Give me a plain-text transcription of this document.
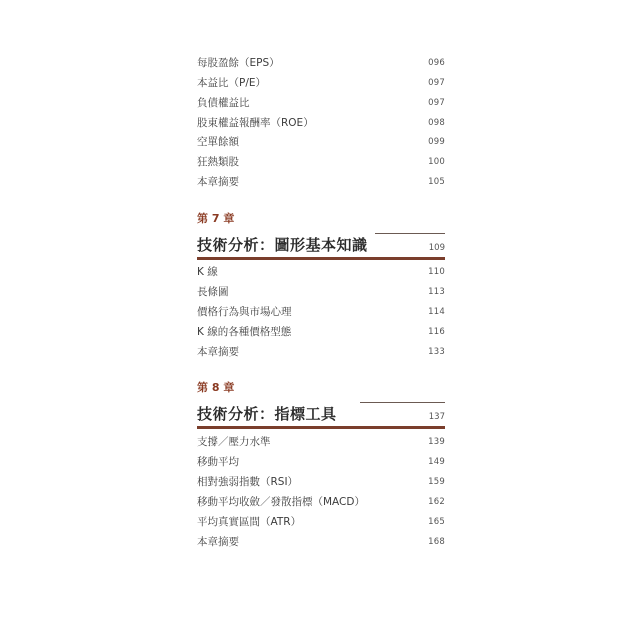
每股盈餘（EPS）	096
本益比（P/E）	097
負債權益比	097
股東權益報酬率（ROE）	098
空單餘額	099
狂熱類股	100
本章摘要	105
第 7 章
技術分析：圖形基本知識	109
K 線	110
長條圖	113
價格行為與市場心理	114
K 線的各種價格型態	116
本章摘要	133
第 8 章
技術分析：指標工具	137
支撐／壓力水準	139
移動平均	149
相對強弱指數（RSI）	159
移動平均收斂／發散指標（MACD）	162
平均真實區間（ATR）	165
本章摘要	168
